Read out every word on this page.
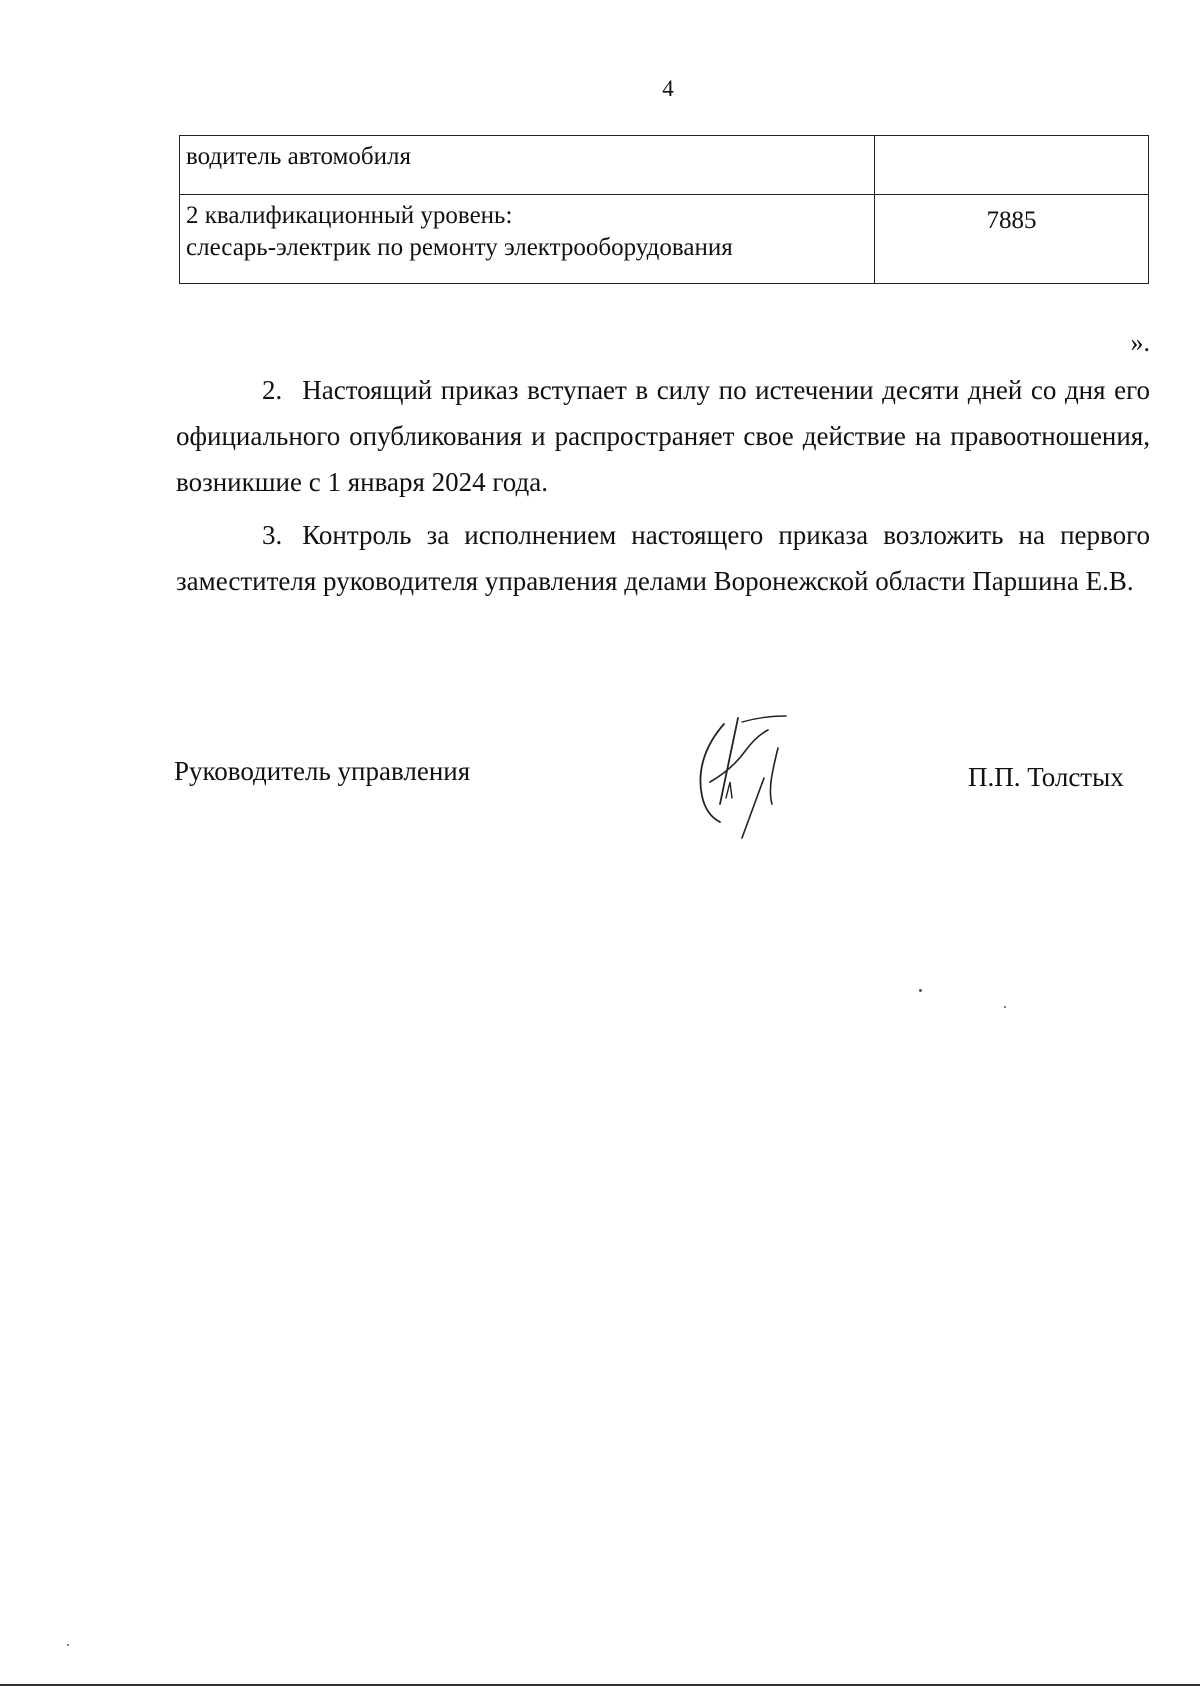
4
водитель автомобиля	
2 квалификационный уровень:
слесарь-электрик по ремонту электрооборудования	7885
».

2. Настоящий приказ вступает в силу по истечении десяти дней со дня его официального опубликования и распространяет свое действие на правоотношения, возникшие с 1 января 2024 года.

3. Контроль за исполнением настоящего приказа возложить на первого заместителя руководителя управления делами Воронежской области Паршина Е.В.

Руководитель управления	П.П. Толстых
